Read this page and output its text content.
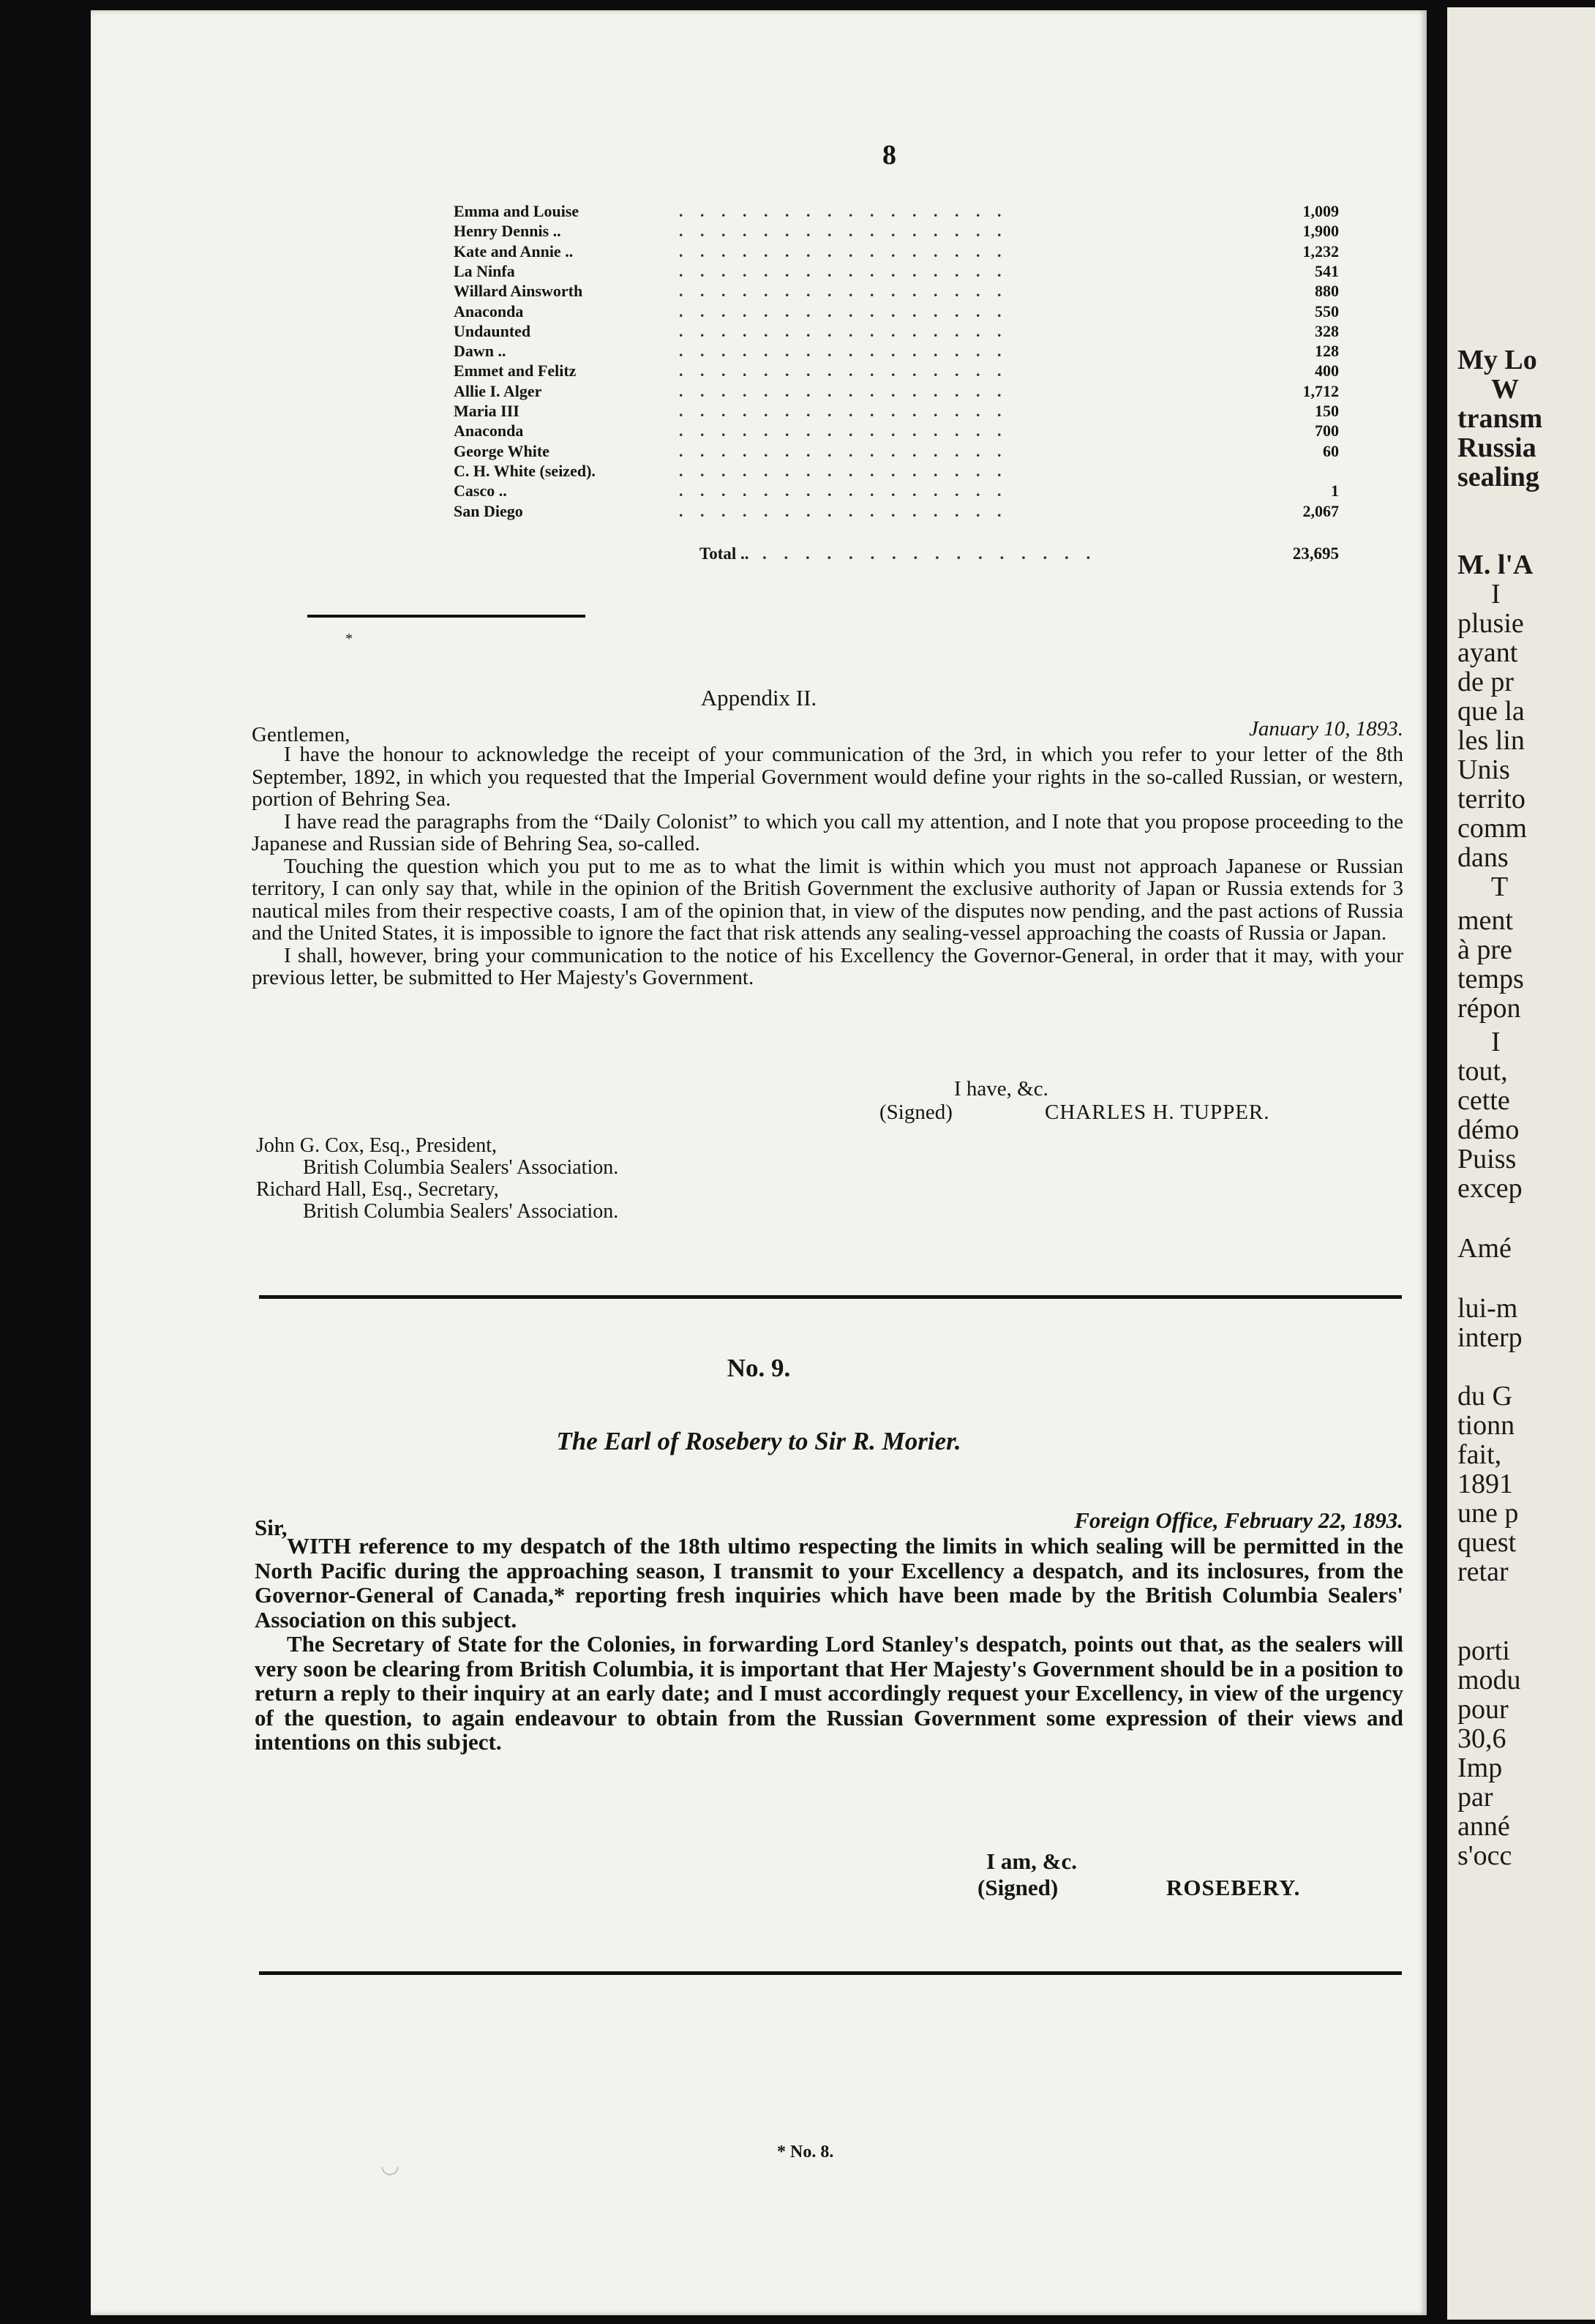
8
Emma and Louise	. . . . . . . . . . . . . . . .	1,009
Henry Dennis ..	. . . . . . . . . . . . . . . .	1,900
Kate and Annie ..	. . . . . . . . . . . . . . . .	1,232
La Ninfa	. . . . . . . . . . . . . . . .	541
Willard Ainsworth	. . . . . . . . . . . . . . . .	880
Anaconda	. . . . . . . . . . . . . . . .	550
Undaunted	. . . . . . . . . . . . . . . .	328
Dawn ..	. . . . . . . . . . . . . . . .	128
Emmet and Felitz	. . . . . . . . . . . . . . . .	400
Allie I. Alger	. . . . . . . . . . . . . . . .	1,712
Maria III	. . . . . . . . . . . . . . . .	150
Anaconda	. . . . . . . . . . . . . . . .	700
George White	. . . . . . . . . . . . . . . .	60
C. H. White (seized).	. . . . . . . . . . . . . . . .
Casco ..	. . . . . . . . . . . . . . . .	1
San Diego	. . . . . . . . . . . . . . . .	2,067
Total .. . . . . . . . . . . . . . . . .	23,695
*
Appendix II.
Gentlemen,	January 10, 1893.

I have the honour to acknowledge the receipt of your communication of the 3rd, in which you refer to your letter of the 8th September, 1892, in which you requested that the Imperial Government would define your rights in the so-called Russian, or western, portion of Behring Sea.

I have read the paragraphs from the “Daily Colonist” to which you call my attention, and I note that you propose proceeding to the Japanese and Russian side of Behring Sea, so-called.

Touching the question which you put to me as to what the limit is within which you must not approach Japanese or Russian territory, I can only say that, while in the opinion of the British Government the exclusive authority of Japan or Russia extends for 3 nautical miles from their respective coasts, I am of the opinion that, in view of the disputes now pending, and the past actions of Russia and the United States, it is impossible to ignore the fact that risk attends any sealing-vessel approaching the coasts of Russia or Japan.

I shall, however, bring your communication to the notice of his Excellency the Governor-General, in order that it may, with your previous letter, be submitted to Her Majesty's Government.

I have, &c.
(Signed)	CHARLES H. TUPPER.
John G. Cox, Esq., President,
British Columbia Sealers' Association.
Richard Hall, Esq., Secretary,
British Columbia Sealers' Association.
No. 9.
The Earl of Rosebery to Sir R. Morier.
Sir,	Foreign Office, February 22, 1893.

WITH reference to my despatch of the 18th ultimo respecting the limits in which sealing will be permitted in the North Pacific during the approaching season, I transmit to your Excellency a despatch, and its inclosures, from the Governor-General of Canada,* reporting fresh inquiries which have been made by the British Columbia Sealers' Association on this subject.

The Secretary of State for the Colonies, in forwarding Lord Stanley's despatch, points out that, as the sealers will very soon be clearing from British Columbia, it is important that Her Majesty's Government should be in a position to return a reply to their inquiry at an early date; and I must accordingly request your Excellency, in view of the urgency of the question, to again endeavour to obtain from the Russian Government some expression of their views and intentions on this subject.

I am, &c.
(Signed)	ROSEBERY.
* No. 8.
◡
My Lo
W
transm
Russia
sealing
M. l'A
I
plusie
ayant
de pr
que la
les lin
Unis
territo
comm
dans
T
ment
à pre
temps
répon
I
tout,
cette
démo
Puiss
excep
Amé
lui-m
interp
du G
tionn
fait,
1891
une p
quest
retar
porti
modu
pour
30,6
Imp
par
anné
s'occ
